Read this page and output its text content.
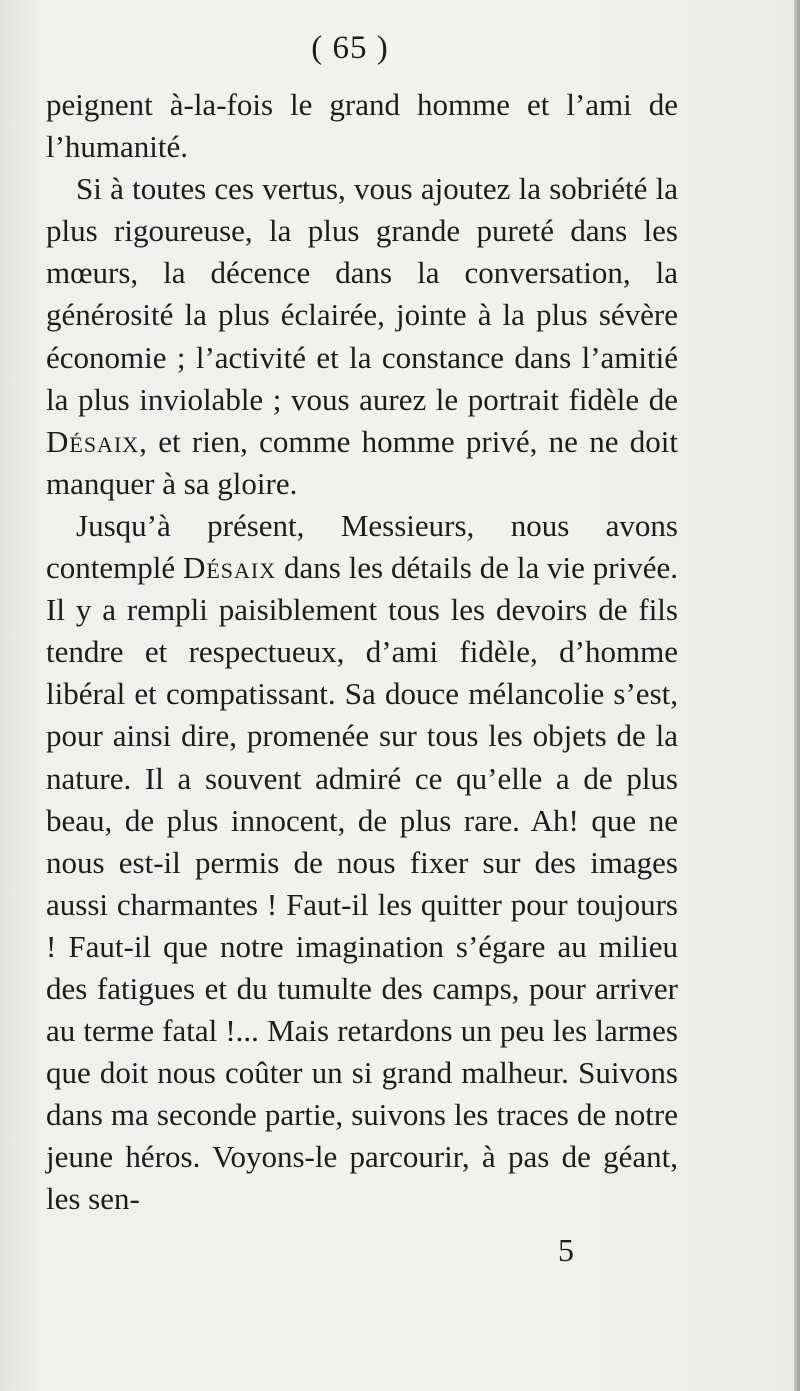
( 65 )

peignent à-la-fois le grand homme et l’ami de l’humanité.

Si à toutes ces vertus, vous ajoutez la sobriété la plus rigoureuse, la plus grande pureté dans les mœurs, la décence dans la conversation, la générosité la plus éclairée, jointe à la plus sévère économie ; l’activité et la constance dans l’amitié la plus inviolable ; vous aurez le portrait fidèle de Désaix, et rien, comme homme privé, ne ne doit manquer à sa gloire.

Jusqu’à présent, Messieurs, nous avons contemplé Désaix dans les détails de la vie privée. Il y a rempli paisiblement tous les devoirs de fils tendre et respectueux, d’ami fidèle, d’homme libéral et compatissant. Sa douce mélancolie s’est, pour ainsi dire, promenée sur tous les objets de la nature. Il a souvent admiré ce qu’elle a de plus beau, de plus innocent, de plus rare. Ah! que ne nous est-il permis de nous fixer sur des images aussi charmantes ! Faut-il les quitter pour toujours ! Faut-il que notre imagination s’égare au milieu des fatigues et du tumulte des camps, pour arriver au terme fatal !... Mais retardons un peu les larmes que doit nous coûter un si grand malheur. Suivons dans ma seconde partie, suivons les traces de notre jeune héros. Voyons-le parcourir, à pas de géant, les sen-

5
